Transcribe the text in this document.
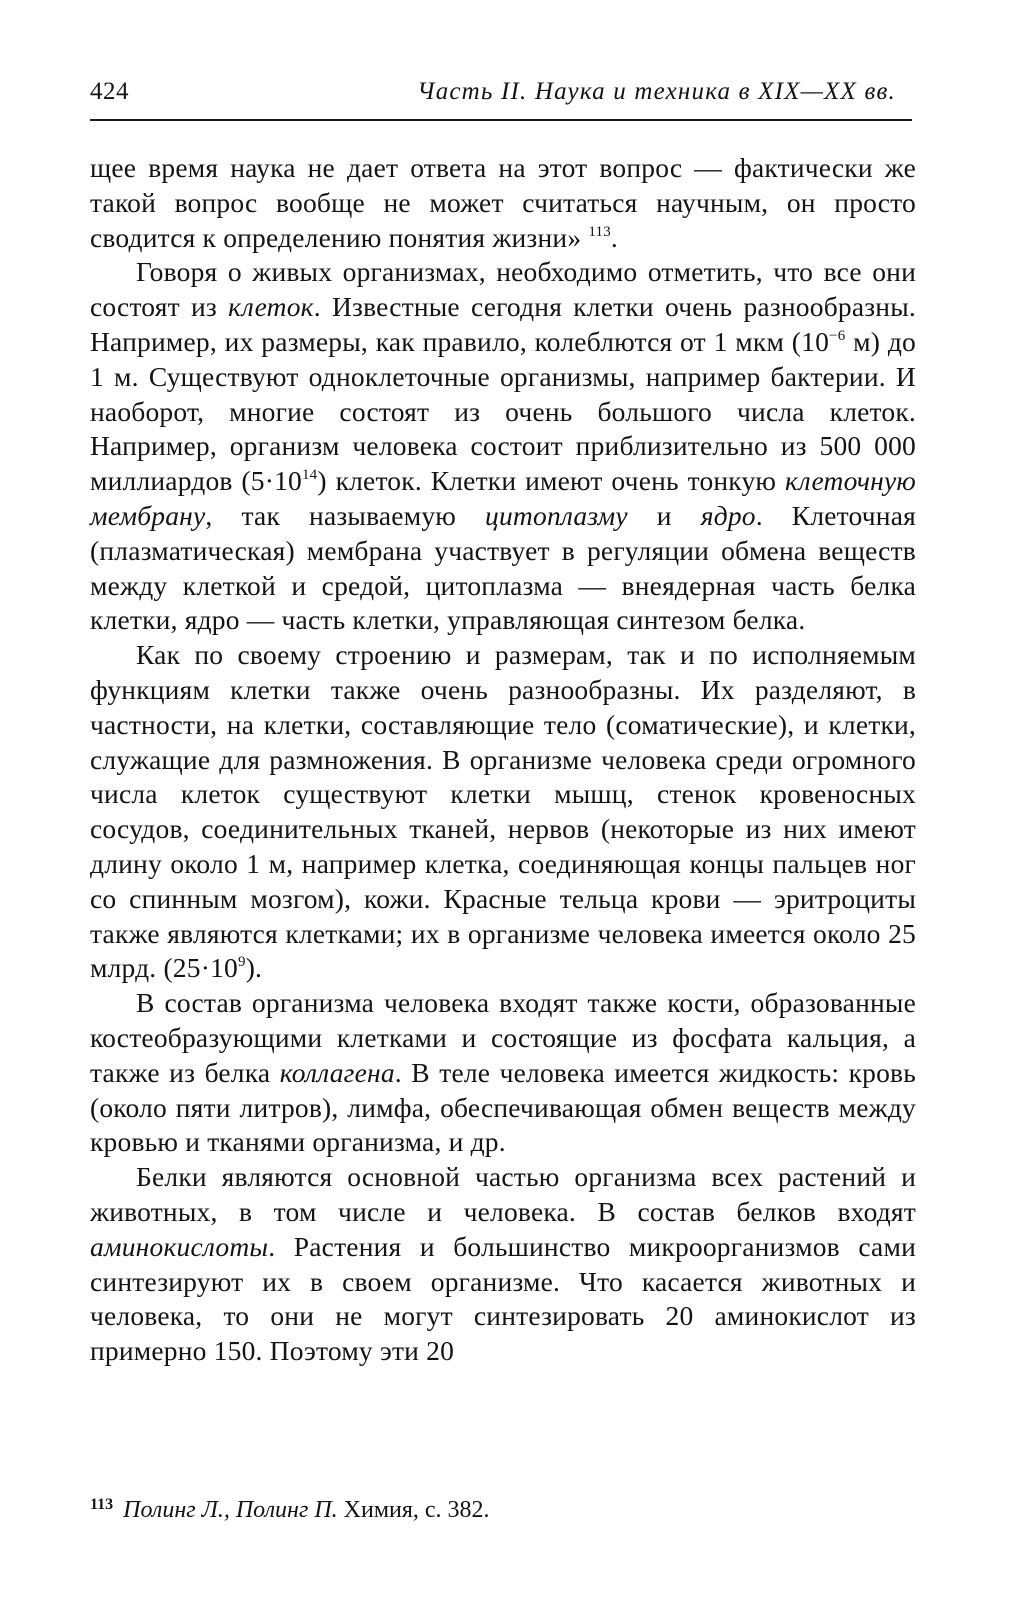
424	Часть II. Наука и техника в XIX—XX вв.

щее время наука не дает ответа на этот вопрос — фактически же такой вопрос вообще не может считаться научным, он просто сводится к определению понятия жизни» $^{113}$.

Говоря о живых организмах, необходимо отметить, что все они состоят из клеток. Известные сегодня клетки очень разнообразны. Например, их размеры, как правило, колеблются от 1 мкм ($10^{-6}$ м) до 1 м. Существуют одноклеточные организмы, например бактерии. И наоборот, многие состоят из очень большого числа клеток. Например, организм человека состоит приблизительно из 500 000 миллиардов $(5\cdot 10^{14})$ клеток. Клетки имеют очень тонкую клеточную мембрану, так называемую цитоплазму и ядро. Клеточная (плазматическая) мембрана участвует в регуляции обмена веществ между клеткой и средой, цитоплазма — внеядерная часть белка клетки, ядро — часть клетки, управляющая синтезом белка.

Как по своему строению и размерам, так и по исполняемым функциям клетки также очень разнообразны. Их разделяют, в частности, на клетки, составляющие тело (соматические), и клетки, служащие для размножения. В организме человека среди огромного числа клеток существуют клетки мышц, стенок кровеносных сосудов, соединительных тканей, нервов (некоторые из них имеют длину около 1 м, например клетка, соединяющая концы пальцев ног со спинным мозгом), кожи. Красные тельца крови — эритроциты также являются клетками; их в организме человека имеется около 25 млрд. $(25\cdot 10^9)$.

В состав организма человека входят также кости, образованные костеобразующими клетками и состоящие из фосфата кальция, а также из белка коллагена. В теле человека имеется жидкость: кровь (около пяти литров), лимфа, обеспечивающая обмен веществ между кровью и тканями организма, и др.

Белки являются основной частью организма всех растений и животных, в том числе и человека. В состав белков входят аминокислоты. Растения и большинство микроорганизмов сами синтезируют их в своем организме. Что касается животных и человека, то они не могут синтезировать 20 аминокислот из примерно 150. Поэтому эти 20

$^{113}$ Полинг Л., Полинг П. Химия, с. 382.
